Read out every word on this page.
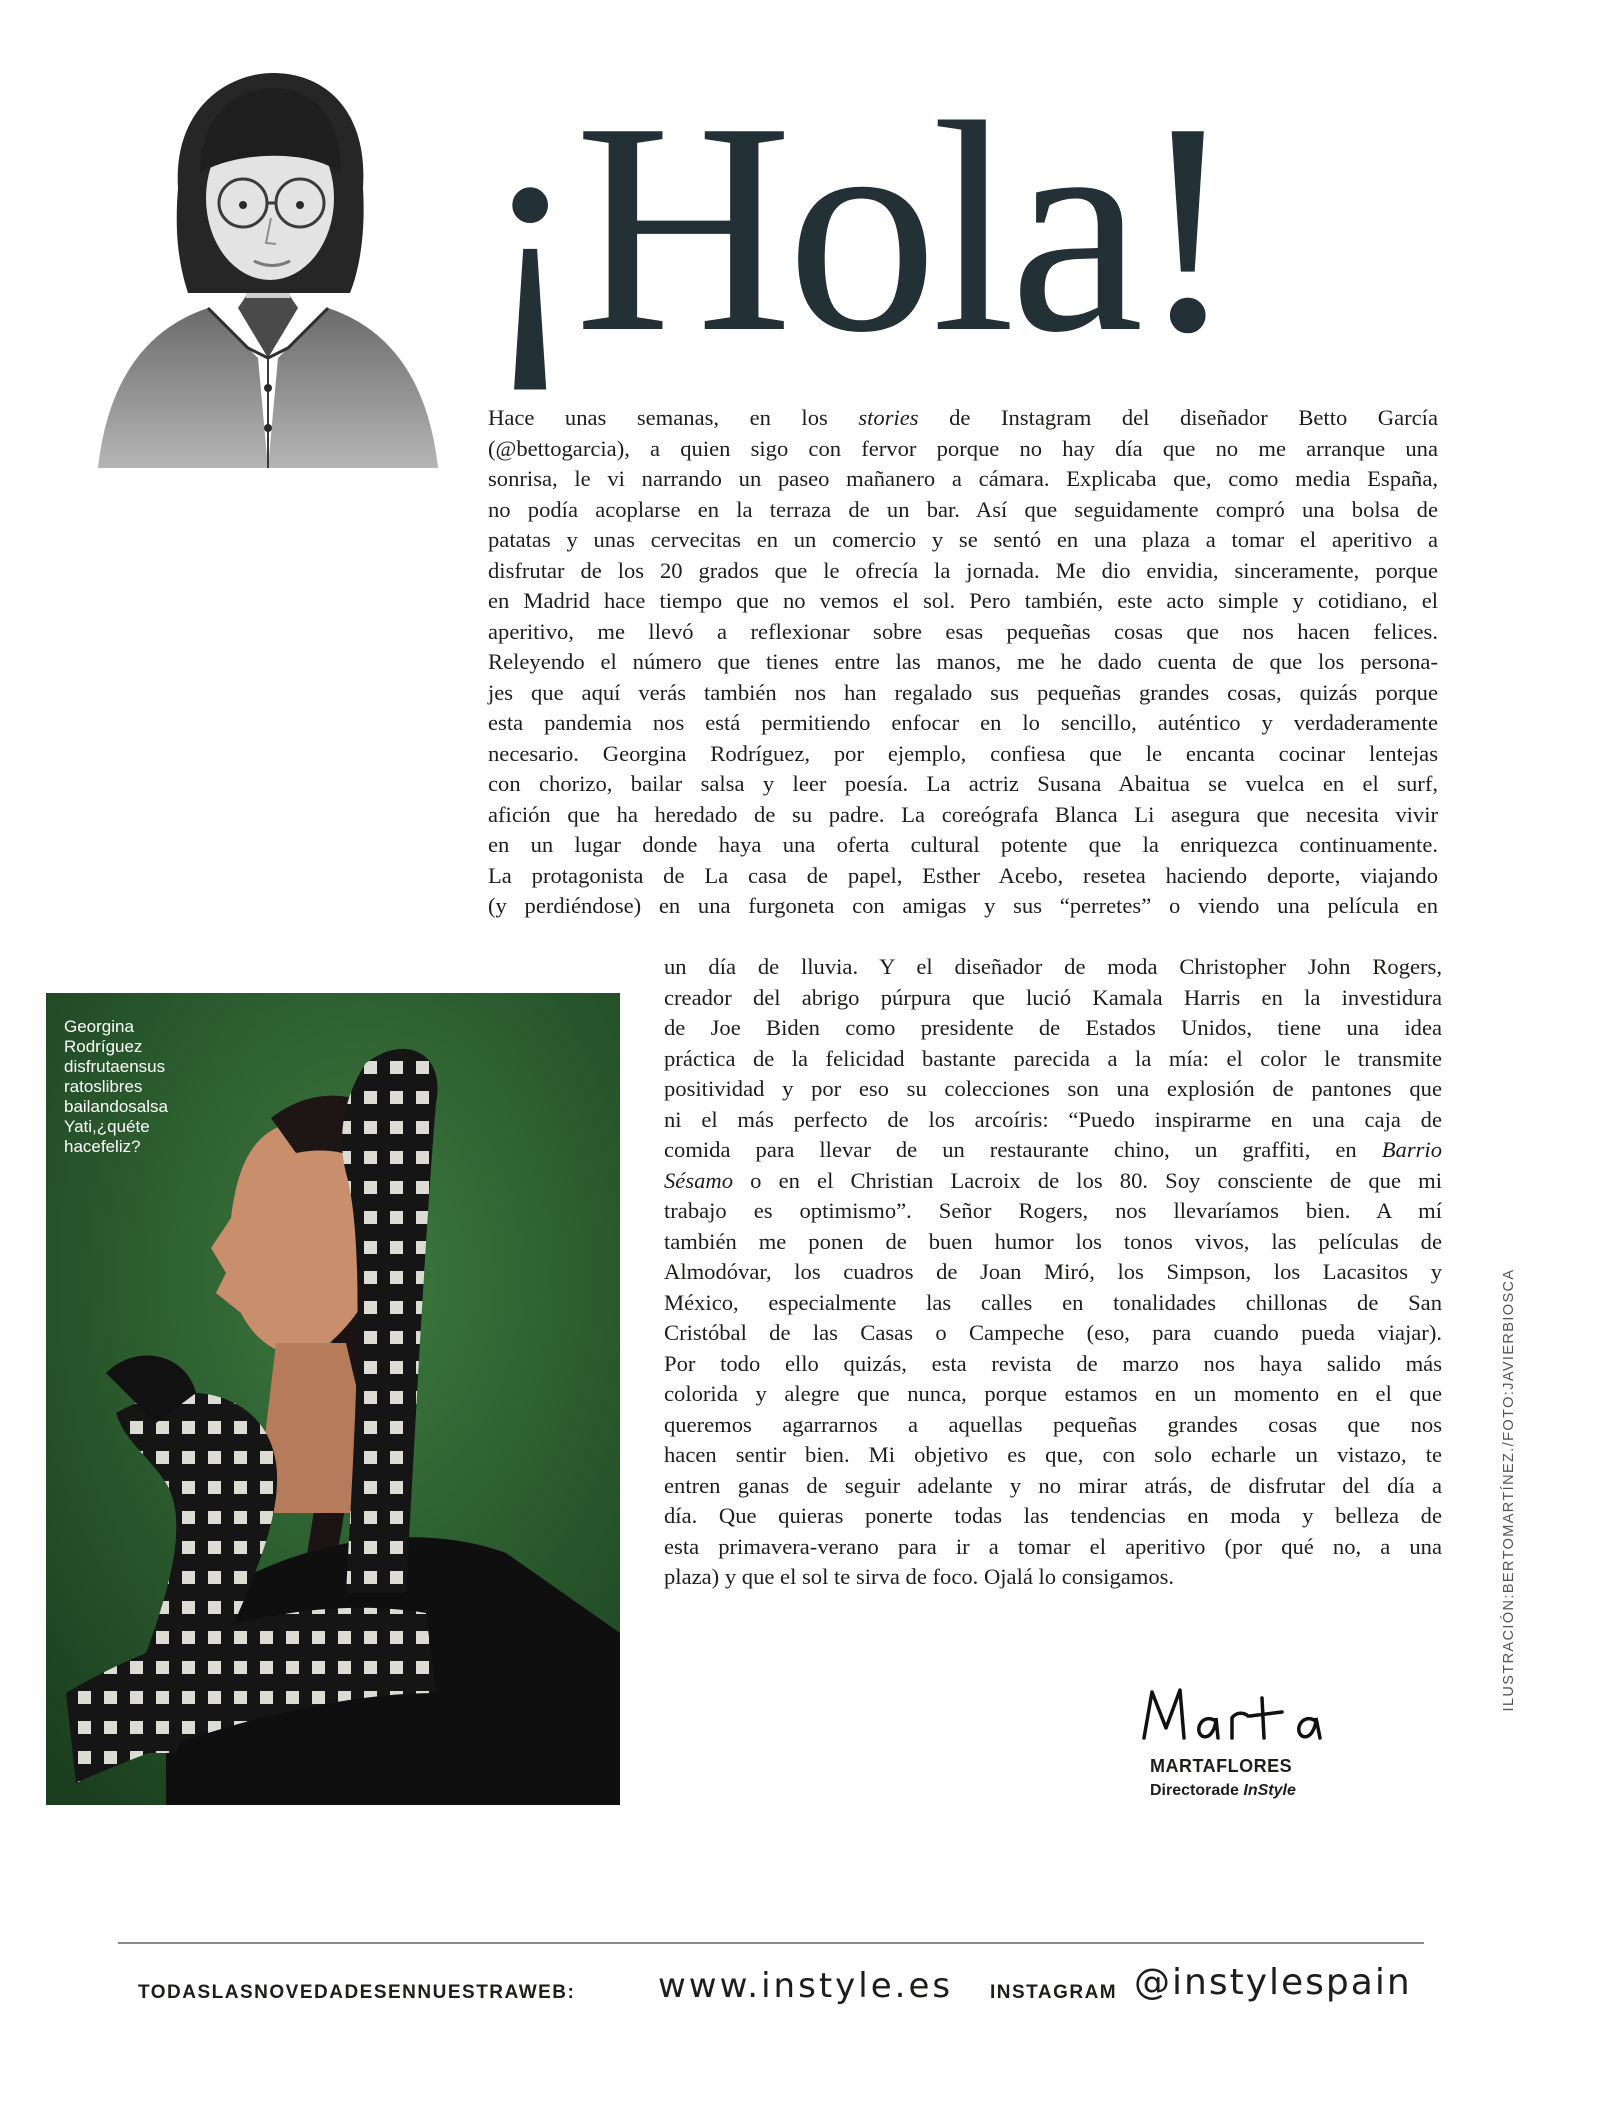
¡Hola!
Hace unas semanas, en los stories de Instagram del diseñador Betto García
(@bettogarcia), a quien sigo con fervor porque no hay día que no me arranque una
sonrisa, le vi narrando un paseo mañanero a cámara. Explicaba que, como media España,
no podía acoplarse en la terraza de un bar. Así que seguidamente compró una bolsa de
patatas y unas cervecitas en un comercio y se sentó en una plaza a tomar el aperitivo a
disfrutar de los 20 grados que le ofrecía la jornada. Me dio envidia, sinceramente, porque
en Madrid hace tiempo que no vemos el sol. Pero también, este acto simple y cotidiano, el
aperitivo, me llevó a reflexionar sobre esas pequeñas cosas que nos hacen felices.
Releyendo el número que tienes entre las manos, me he dado cuenta de que los persona-
jes que aquí verás también nos han regalado sus pequeñas grandes cosas, quizás porque
esta pandemia nos está permitiendo enfocar en lo sencillo, auténtico y verdaderamente
necesario. Georgina Rodríguez, por ejemplo, confiesa que le encanta cocinar lentejas
con chorizo, bailar salsa y leer poesía. La actriz Susana Abaitua se vuelca en el surf,
afición que ha heredado de su padre. La coreógrafa Blanca Li asegura que necesita vivir
en un lugar donde haya una oferta cultural potente que la enriquezca continuamente.
La protagonista de La casa de papel, Esther Acebo, resetea haciendo deporte, viajando
(y perdiéndose) en una furgoneta con amigas y sus “perretes” o viendo una película en

Georgina
Rodríguez
disfrutaensus
ratoslibres
bailandosalsa
Yati,¿quéte
hacefeliz?

un día de lluvia. Y el diseñador de moda Christopher John Rogers,
creador del abrigo púrpura que lució Kamala Harris en la investidura
de Joe Biden como presidente de Estados Unidos, tiene una idea
práctica de la felicidad bastante parecida a la mía: el color le transmite
positividad y por eso su colecciones son una explosión de pantones que
ni el más perfecto de los arcoíris: “Puedo inspirarme en una caja de
comida para llevar de un restaurante chino, un graffiti, en Barrio
Sésamo o en el Christian Lacroix de los 80. Soy consciente de que mi
trabajo es optimismo”. Señor Rogers, nos llevaríamos bien. A mí
también me ponen de buen humor los tonos vivos, las películas de
Almodóvar, los cuadros de Joan Miró, los Simpson, los Lacasitos y
México, especialmente las calles en tonalidades chillonas de San
Cristóbal de las Casas o Campeche (eso, para cuando pueda viajar).
Por todo ello quizás, esta revista de marzo nos haya salido más
colorida y alegre que nunca, porque estamos en un momento en el que
queremos agarrarnos a aquellas pequeñas grandes cosas que nos
hacen sentir bien. Mi objetivo es que, con solo echarle un vistazo, te
entren ganas de seguir adelante y no mirar atrás, de disfrutar del día a
día. Que quieras ponerte todas las tendencias en moda y belleza de
esta primavera-verano para ir a tomar el aperitivo (por qué no, a una
plaza) y que el sol te sirva de foco. Ojalá lo consigamos.
MARTAFLORES
Directorade InStyle
TODASLASNOVEDADESENNUESTRAWEB: www.instyle.es INSTAGRAM @instylespain
ILUSTRACIÓN:BERTOMARTÍNEZ./FOTO:JAVIERBIOSCA
